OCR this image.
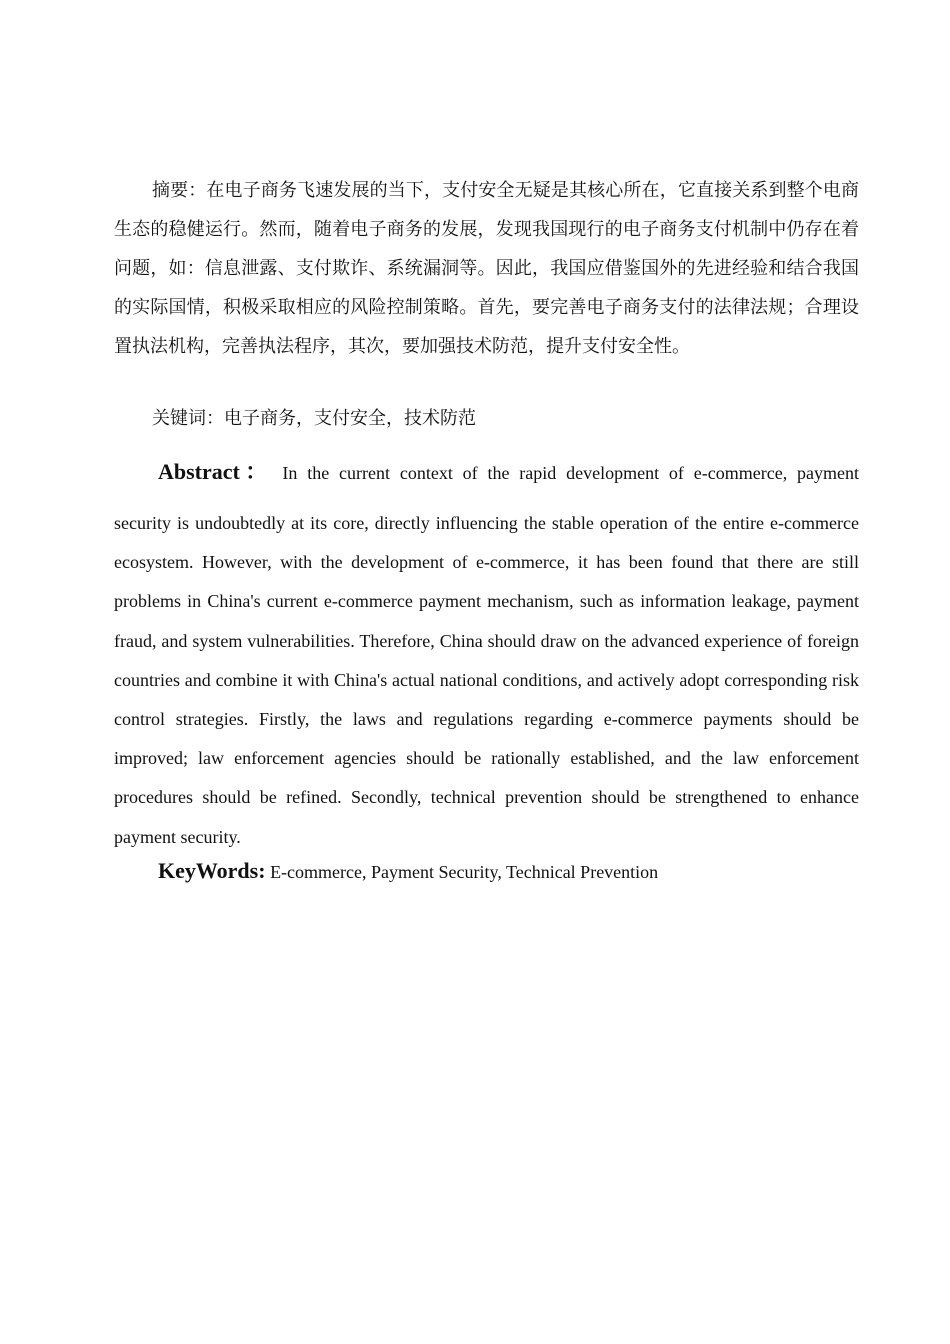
摘要：在电子商务飞速发展的当下，支付安全无疑是其核心所在，它直接关系到整个电商生态的稳健运行。然而，随着电子商务的发展，发现我国现行的电子商务支付机制中仍存在着问题，如：信息泄露、支付欺诈、系统漏洞等。因此，我国应借鉴国外的先进经验和结合我国的实际国情，积极采取相应的风险控制策略。首先，要完善电子商务支付的法律法规；合理设置执法机构，完善执法程序，其次，要加强技术防范，提升支付安全性。

关键词：电子商务，支付安全，技术防范

Abstract： In the current context of the rapid development of e-commerce, payment
security is undoubtedly at its core, directly influencing the stable operation of the entire e-commerce ecosystem. However, with the development of e-commerce, it has been found that there are still problems in China's current e-commerce payment mechanism, such as information leakage, payment fraud, and system vulnerabilities. Therefore, China should draw on the advanced experience of foreign countries and combine it with China's actual national conditions, and actively adopt corresponding risk control strategies. Firstly, the laws and regulations regarding e-commerce payments should be improved; law enforcement agencies should be rationally established, and the law enforcement procedures should be refined. Secondly, technical prevention should be strengthened to enhance payment security.

KeyWords: E-commerce, Payment Security, Technical Prevention
